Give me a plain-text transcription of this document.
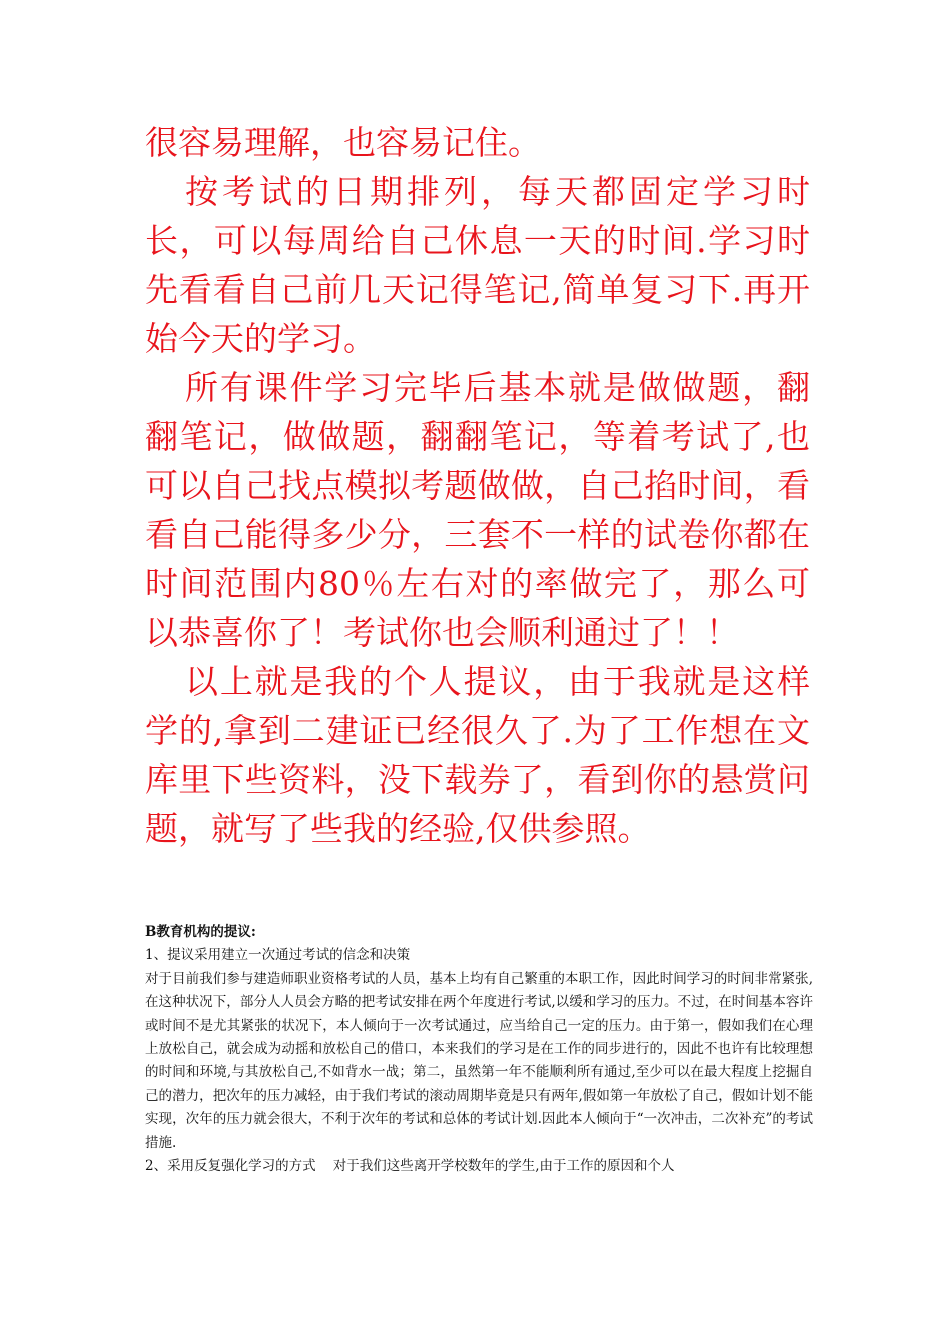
很容易理解，也容易记住。

按考试的日期排列，每天都固定学习时长，可以每周给自己休息一天的时间.学习时先看看自己前几天记得笔记,简单复习下.再开始今天的学习。

所有课件学习完毕后基本就是做做题，翻翻笔记，做做题，翻翻笔记，等着考试了,也可以自己找点模拟考题做做，自己掐时间，看看自己能得多少分，三套不一样的试卷你都在时间范围内80％左右对的率做完了，那么可以恭喜你了！考试你也会顺利通过了！！

以上就是我的个人提议，由于我就是这样学的,拿到二建证已经很久了.为了工作想在文库里下些资料，没下载券了，看到你的悬赏问题，就写了些我的经验,仅供参照。

B教育机构的提议:

1、提议采用建立一次通过考试的信念和决策

对于目前我们参与建造师职业资格考试的人员，基本上均有自己繁重的本职工作，因此时间学习的时间非常紧张,在这种状况下，部分人人员会方略的把考试安排在两个年度进行考试,以缓和学习的压力。不过，在时间基本容许或时间不是尤其紧张的状况下，本人倾向于一次考试通过，应当给自己一定的压力。由于第一，假如我们在心理上放松自己，就会成为动摇和放松自己的借口，本来我们的学习是在工作的同步进行的，因此不也许有比较理想的时间和环境,与其放松自己,不如背水一战；第二，虽然第一年不能顺利所有通过,至少可以在最大程度上挖掘自己的潜力，把次年的压力减轻，由于我们考试的滚动周期毕竟是只有两年,假如第一年放松了自己，假如计划不能实现，次年的压力就会很大，不利于次年的考试和总体的考试计划.因此本人倾向于“一次冲击，二次补充”的考试措施.

2、采用反复强化学习的方式    对于我们这些离开学校数年的学生,由于工作的原因和个人
